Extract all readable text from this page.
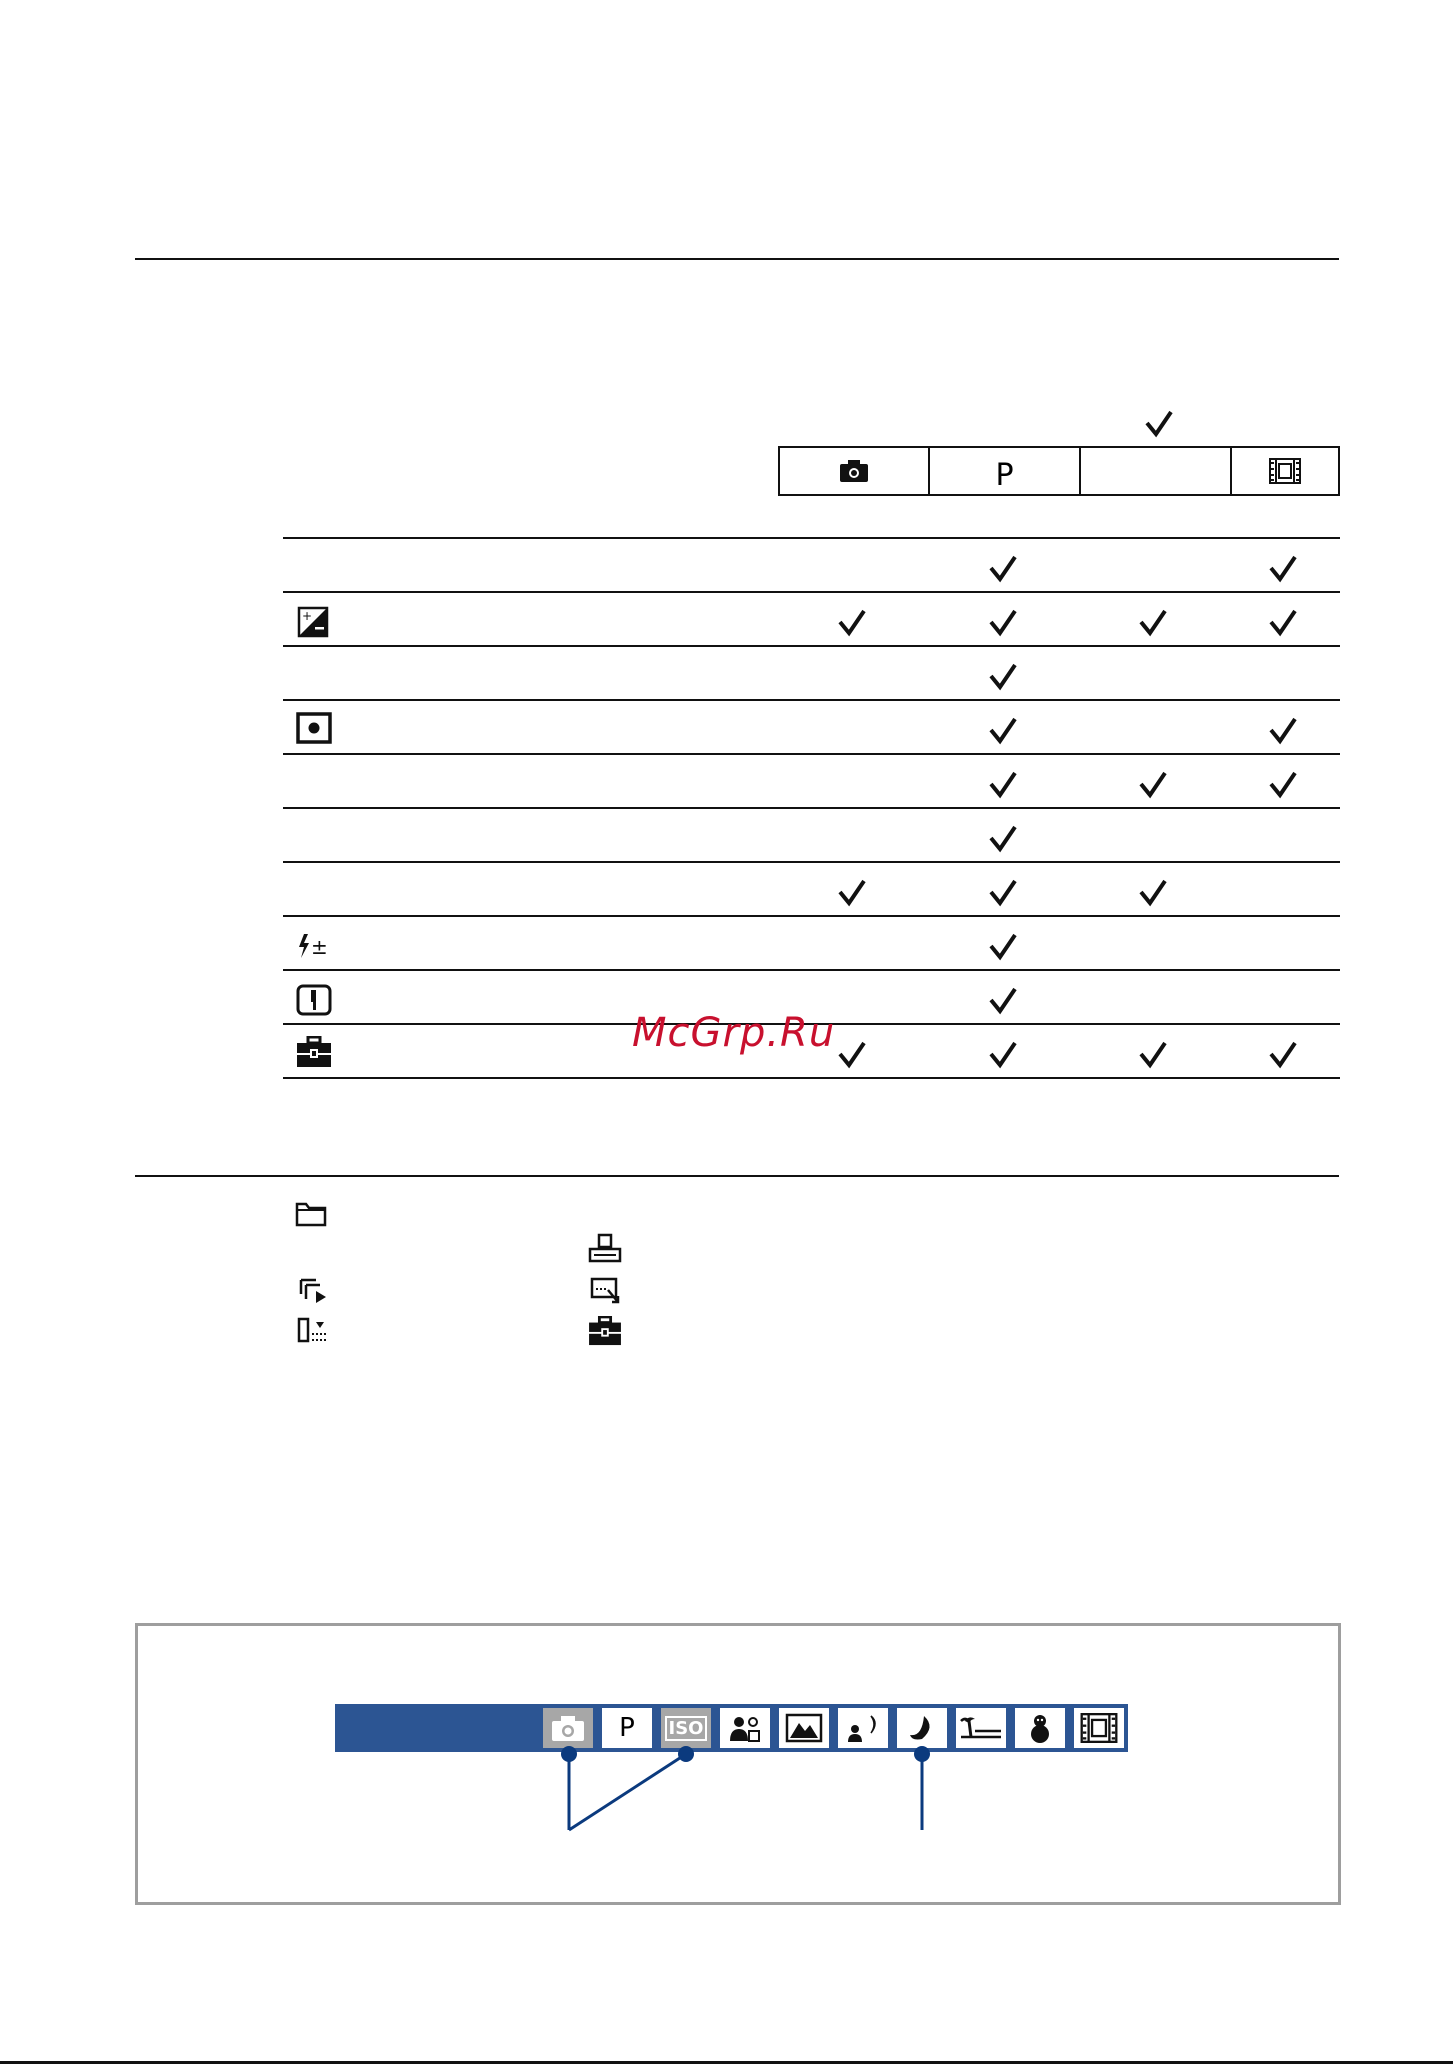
P
+
±
McGrp.Ru
P ISO
